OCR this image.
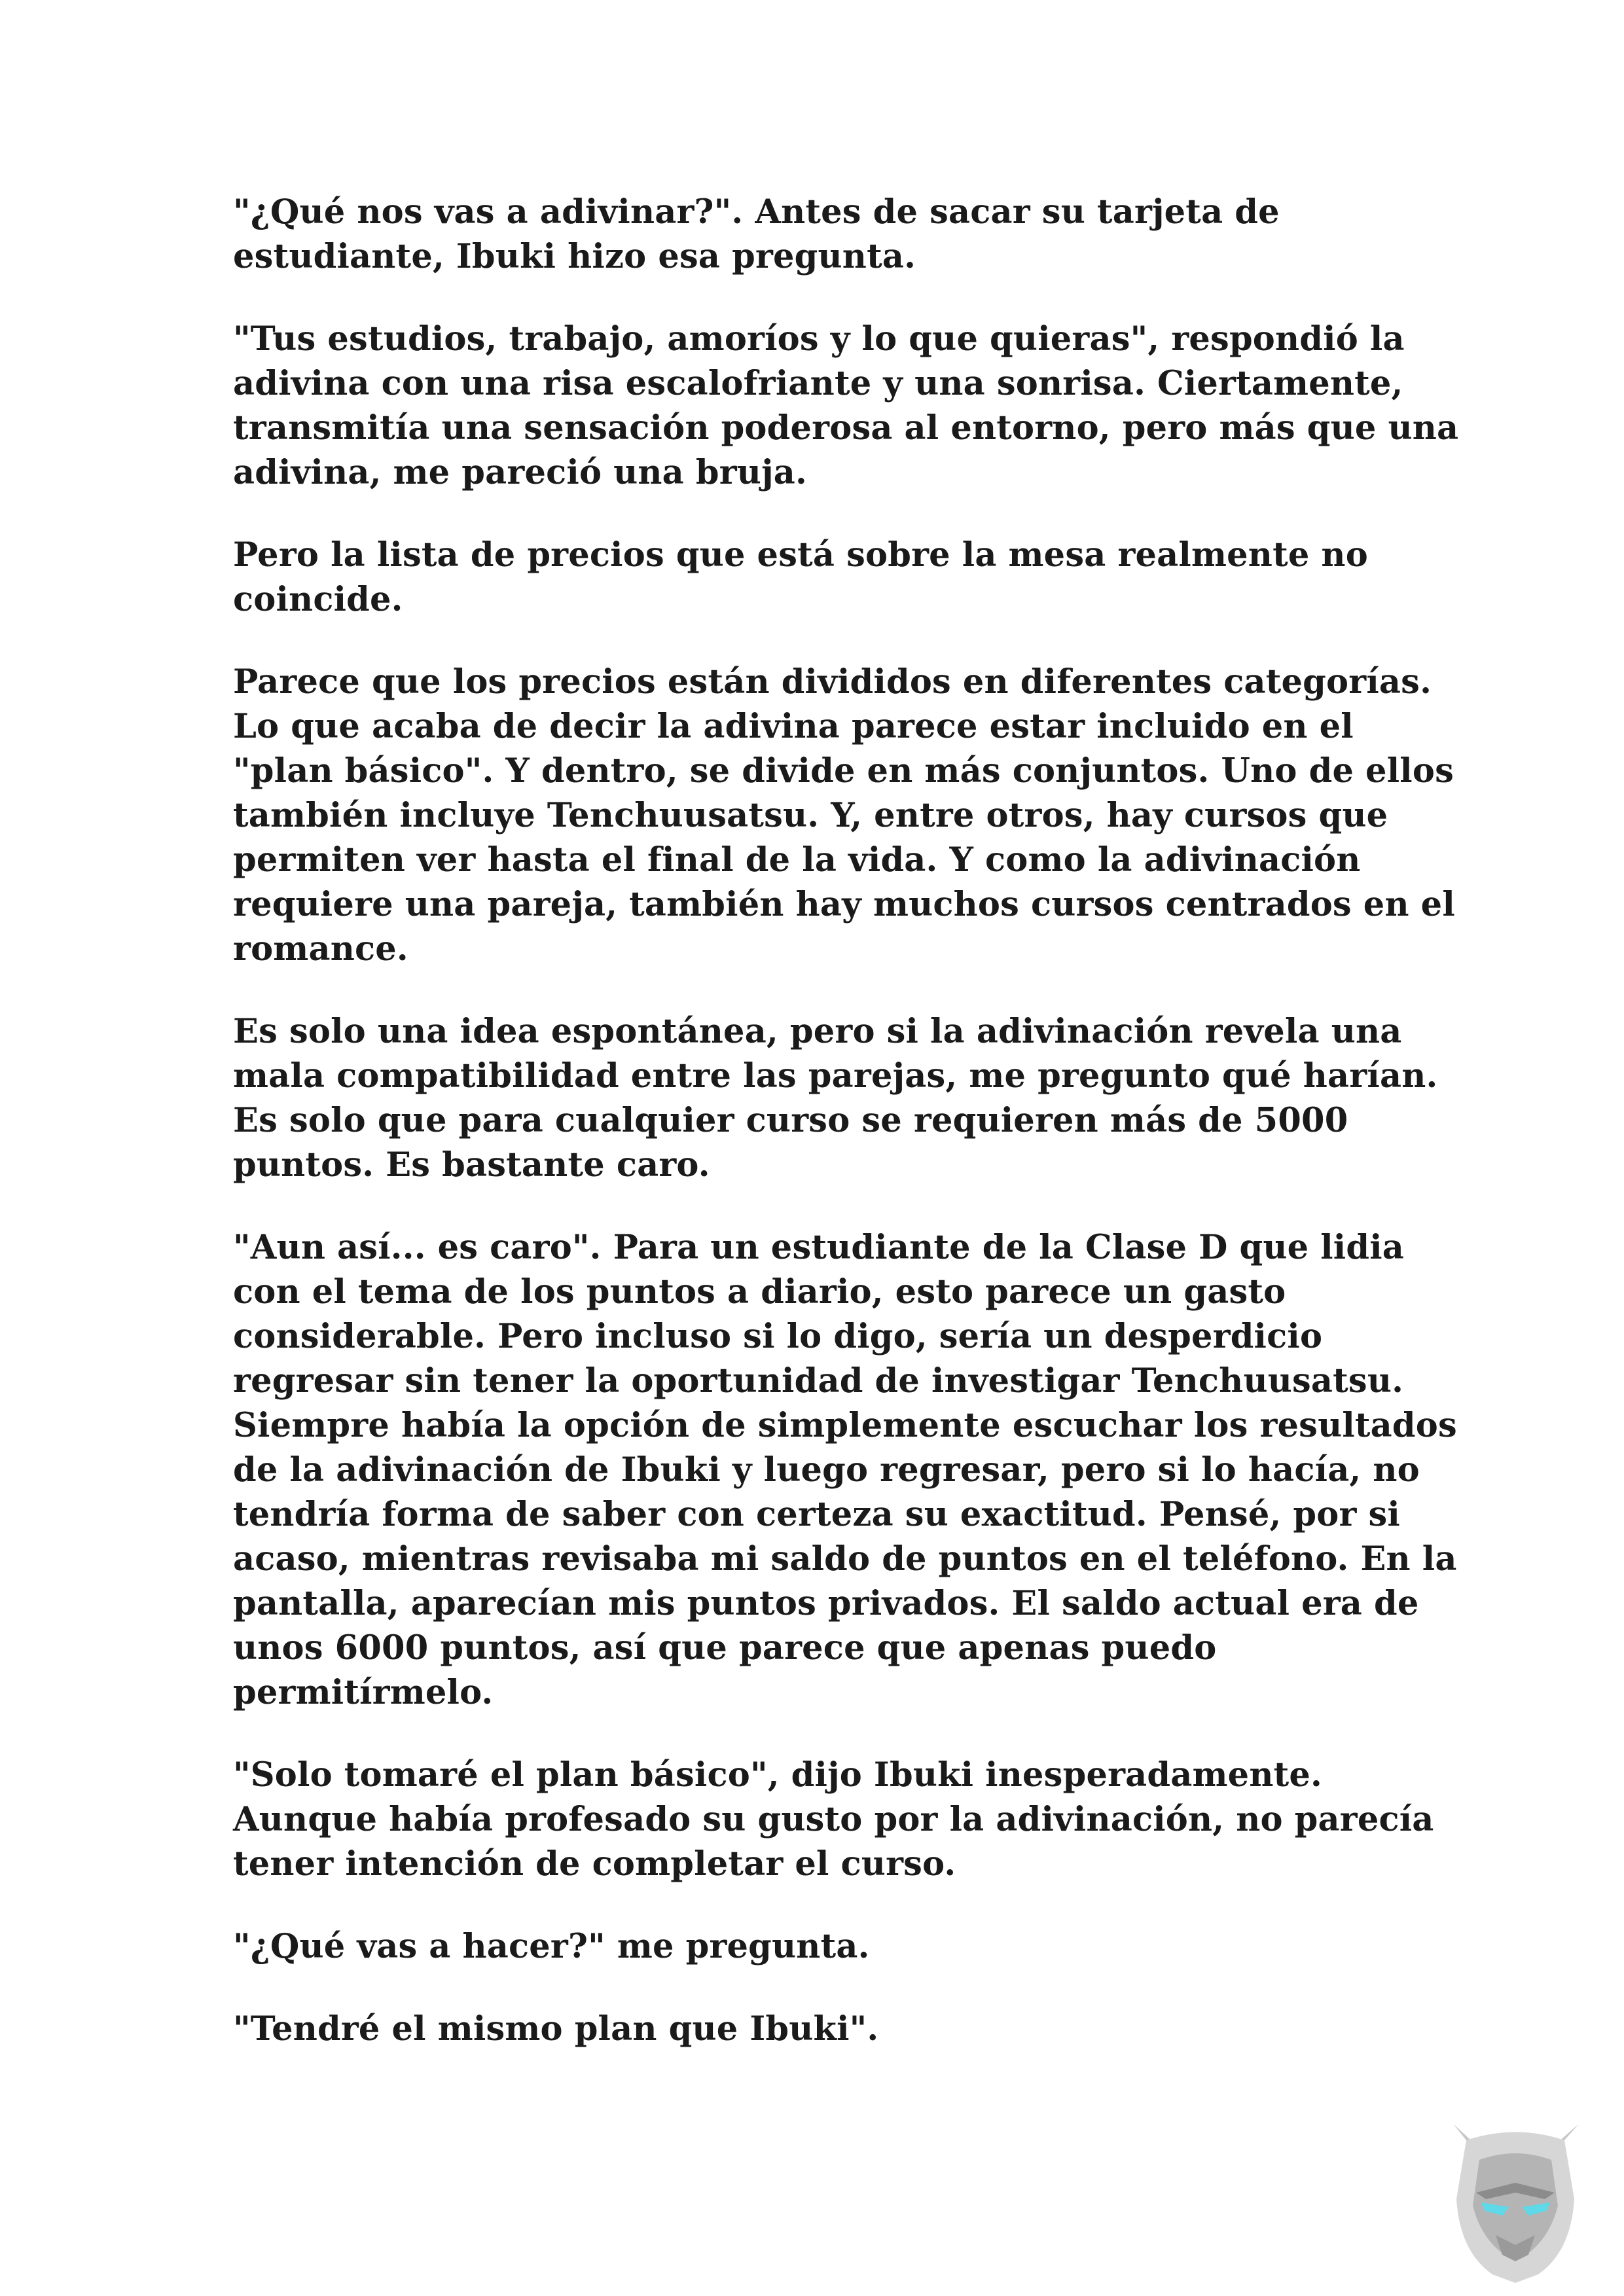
"¿Qué nos vas a adivinar?". Antes de sacar su tarjeta de estudiante, Ibuki hizo esa pregunta.

"Tus estudios, trabajo, amoríos y lo que quieras", respondió la adivina con una risa escalofriante y una sonrisa. Ciertamente, transmitía una sensación poderosa al entorno, pero más que una adivina, me pareció una bruja.

Pero la lista de precios que está sobre la mesa realmente no coincide.

Parece que los precios están divididos en diferentes categorías. Lo que acaba de decir la adivina parece estar incluido en el "plan básico". Y dentro, se divide en más conjuntos. Uno de ellos también incluye Tenchuusatsu. Y, entre otros, hay cursos que permiten ver hasta el final de la vida. Y como la adivinación requiere una pareja, también hay muchos cursos centrados en el romance.

Es solo una idea espontánea, pero si la adivinación revela una mala compatibilidad entre las parejas, me pregunto qué harían. Es solo que para cualquier curso se requieren más de 5000 puntos. Es bastante caro.

"Aun así... es caro". Para un estudiante de la Clase D que lidia con el tema de los puntos a diario, esto parece un gasto considerable. Pero incluso si lo digo, sería un desperdicio regresar sin tener la oportunidad de investigar Tenchuusatsu. Siempre había la opción de simplemente escuchar los resultados de la adivinación de Ibuki y luego regresar, pero si lo hacía, no tendría forma de saber con certeza su exactitud. Pensé, por si acaso, mientras revisaba mi saldo de puntos en el teléfono. En la pantalla, aparecían mis puntos privados. El saldo actual era de unos 6000 puntos, así que parece que apenas puedo permitírmelo.

"Solo tomaré el plan básico", dijo Ibuki inesperadamente. Aunque había profesado su gusto por la adivinación, no parecía tener intención de completar el curso.

"¿Qué vas a hacer?" me pregunta.

"Tendré el mismo plan que Ibuki".
